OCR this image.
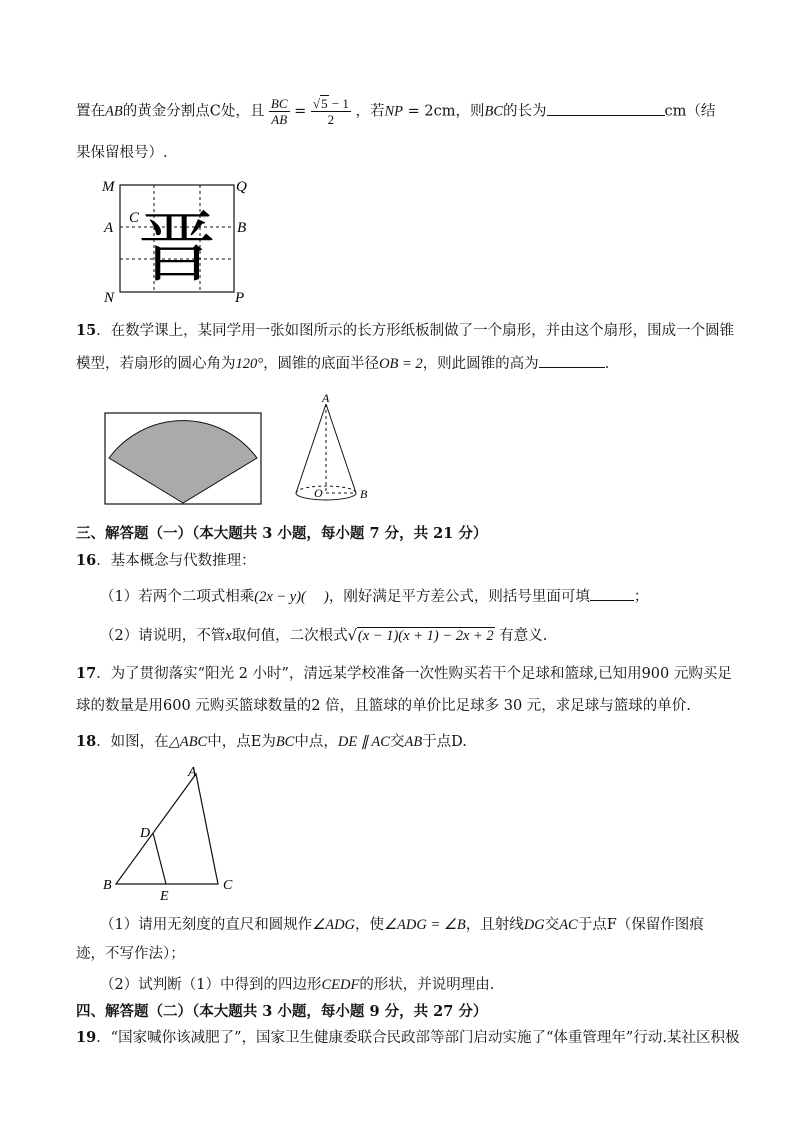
置在AB的黄金分割点C处，且 $\frac{BC}{AB} = \frac{√5 - 1}{2}$ ，若NP = 2cm，则BC的长为	cm（结
果保留根号）.
晋
M	Q
A	B
C
N	P
15．在数学课上，某同学用一张如图所示的长方形纸板制做了一个扇形，并由这个扇形，围成一个圆锥
模型，若扇形的圆心角为120°，圆锥的底面半径OB = 2，则此圆锥的高为	．
A
O	B
三、解答题（一）（本大题共 3 小题，每小题 7 分，共 21 分）
16．基本概念与代数推理：
（1）若两个二项式相乘(2x − y)(     )，刚好满足平方差公式，则括号里面可填	；
（2）请说明，不管x取何值，二次根式√(x − 1)(x + 1) − 2x + 2 有意义.
17．为了贯彻落实“阳光 2 小时”，清远某学校准备一次性购买若干个足球和篮球,已知用900 元购买足
球的数量是用600 元购买篮球数量的2 倍，且篮球的单价比足球多 30 元，求足球与篮球的单价.
18．如图，在△ABC中，点E为BC中点，DE ∥ AC交AB于点D.
A
D
B
E
C
（1）请用无刻度的直尺和圆规作∠ADG，使∠ADG = ∠B，且射线DG交AC于点F（保留作图痕
迹，不写作法）；
（2）试判断（1）中得到的四边形CEDF的形状，并说明理由.
四、解答题（二）（本大题共 3 小题，每小题 9 分，共 27 分）
19．“国家喊你该减肥了”，国家卫生健康委联合民政部等部门启动实施了“体重管理年”行动.某社区积极
